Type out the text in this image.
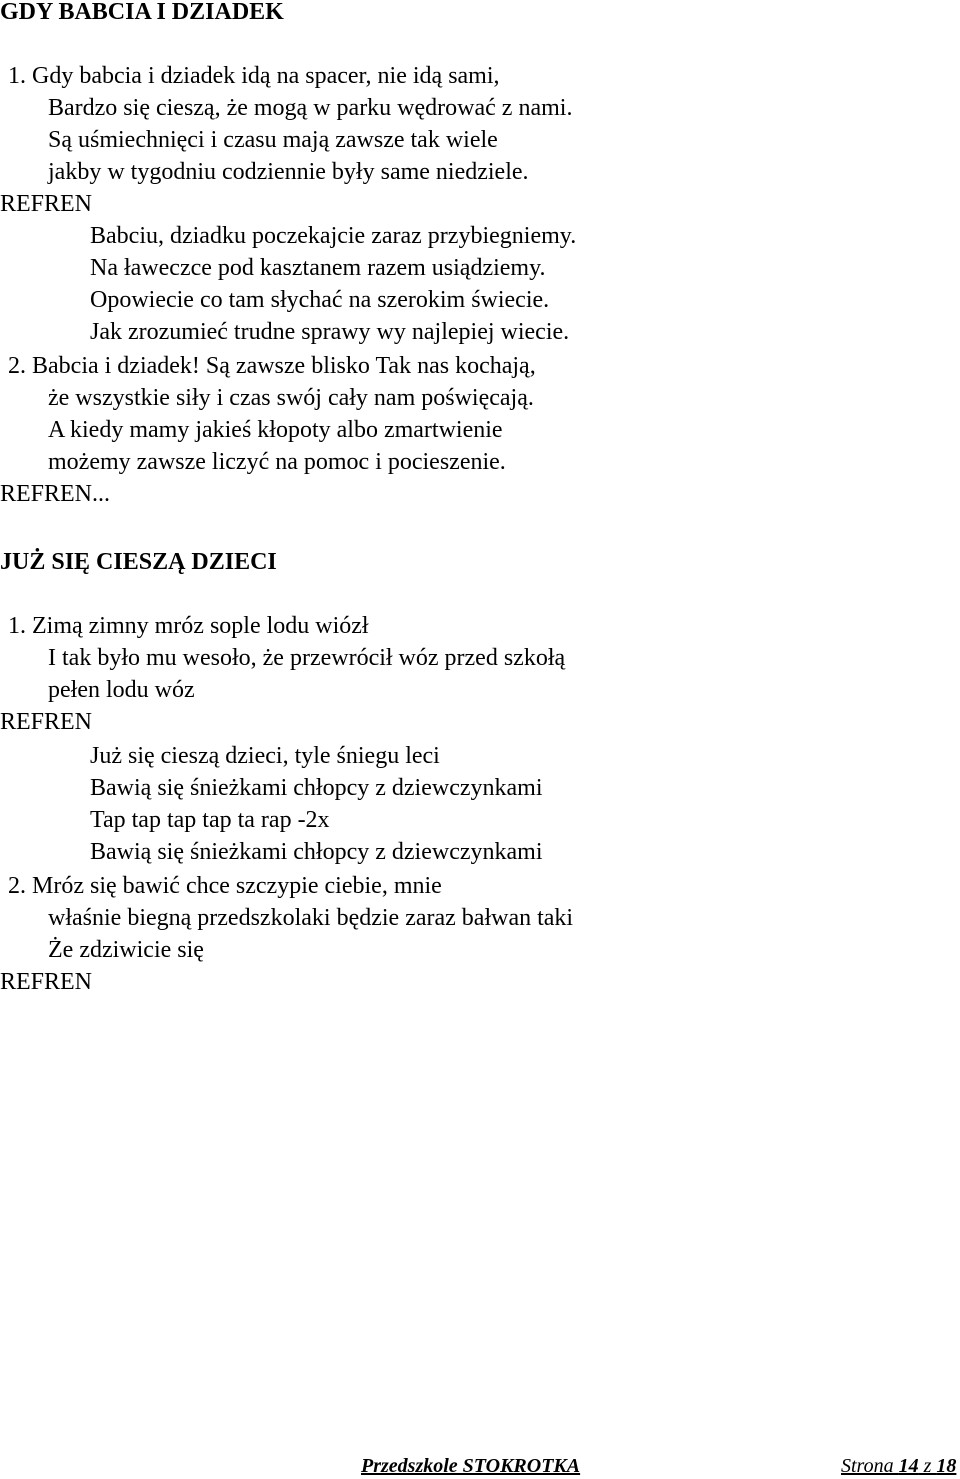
GDY BABCIA I DZIADEK
1. Gdy babcia i dziadek idą na spacer, nie idą sami,
Bardzo się cieszą, że mogą w parku wędrować z nami.
Są uśmiechnięci i czasu mają zawsze tak wiele
jakby w tygodniu codziennie były same niedziele.
REFREN
Babciu, dziadku poczekajcie zaraz przybiegniemy.
Na ławeczce pod kasztanem razem usiądziemy.
Opowiecie co tam słychać na szerokim świecie.
Jak zrozumieć trudne sprawy wy najlepiej wiecie.
2. Babcia i dziadek! Są zawsze blisko Tak nas kochają,
że wszystkie siły i czas swój cały nam poświęcają.
A kiedy mamy jakieś kłopoty albo zmartwienie
możemy zawsze liczyć na pomoc i pocieszenie.
REFREN...
JUŻ SIĘ CIESZĄ DZIECI
1. Zimą zimny mróz sople lodu wiózł
I tak było mu wesoło, że przewrócił wóz przed szkołą
pełen lodu wóz
REFREN
Już się cieszą dzieci, tyle śniegu leci
Bawią się śnieżkami chłopcy z dziewczynkami
Tap tap tap tap ta rap -2x
Bawią się śnieżkami chłopcy z dziewczynkami
2. Mróz się bawić chce szczypie ciebie, mnie
właśnie biegną przedszkolaki będzie zaraz bałwan taki
Że zdziwicie się
REFREN
Przedszkole STOKROTKA	Strona 14 z 18
